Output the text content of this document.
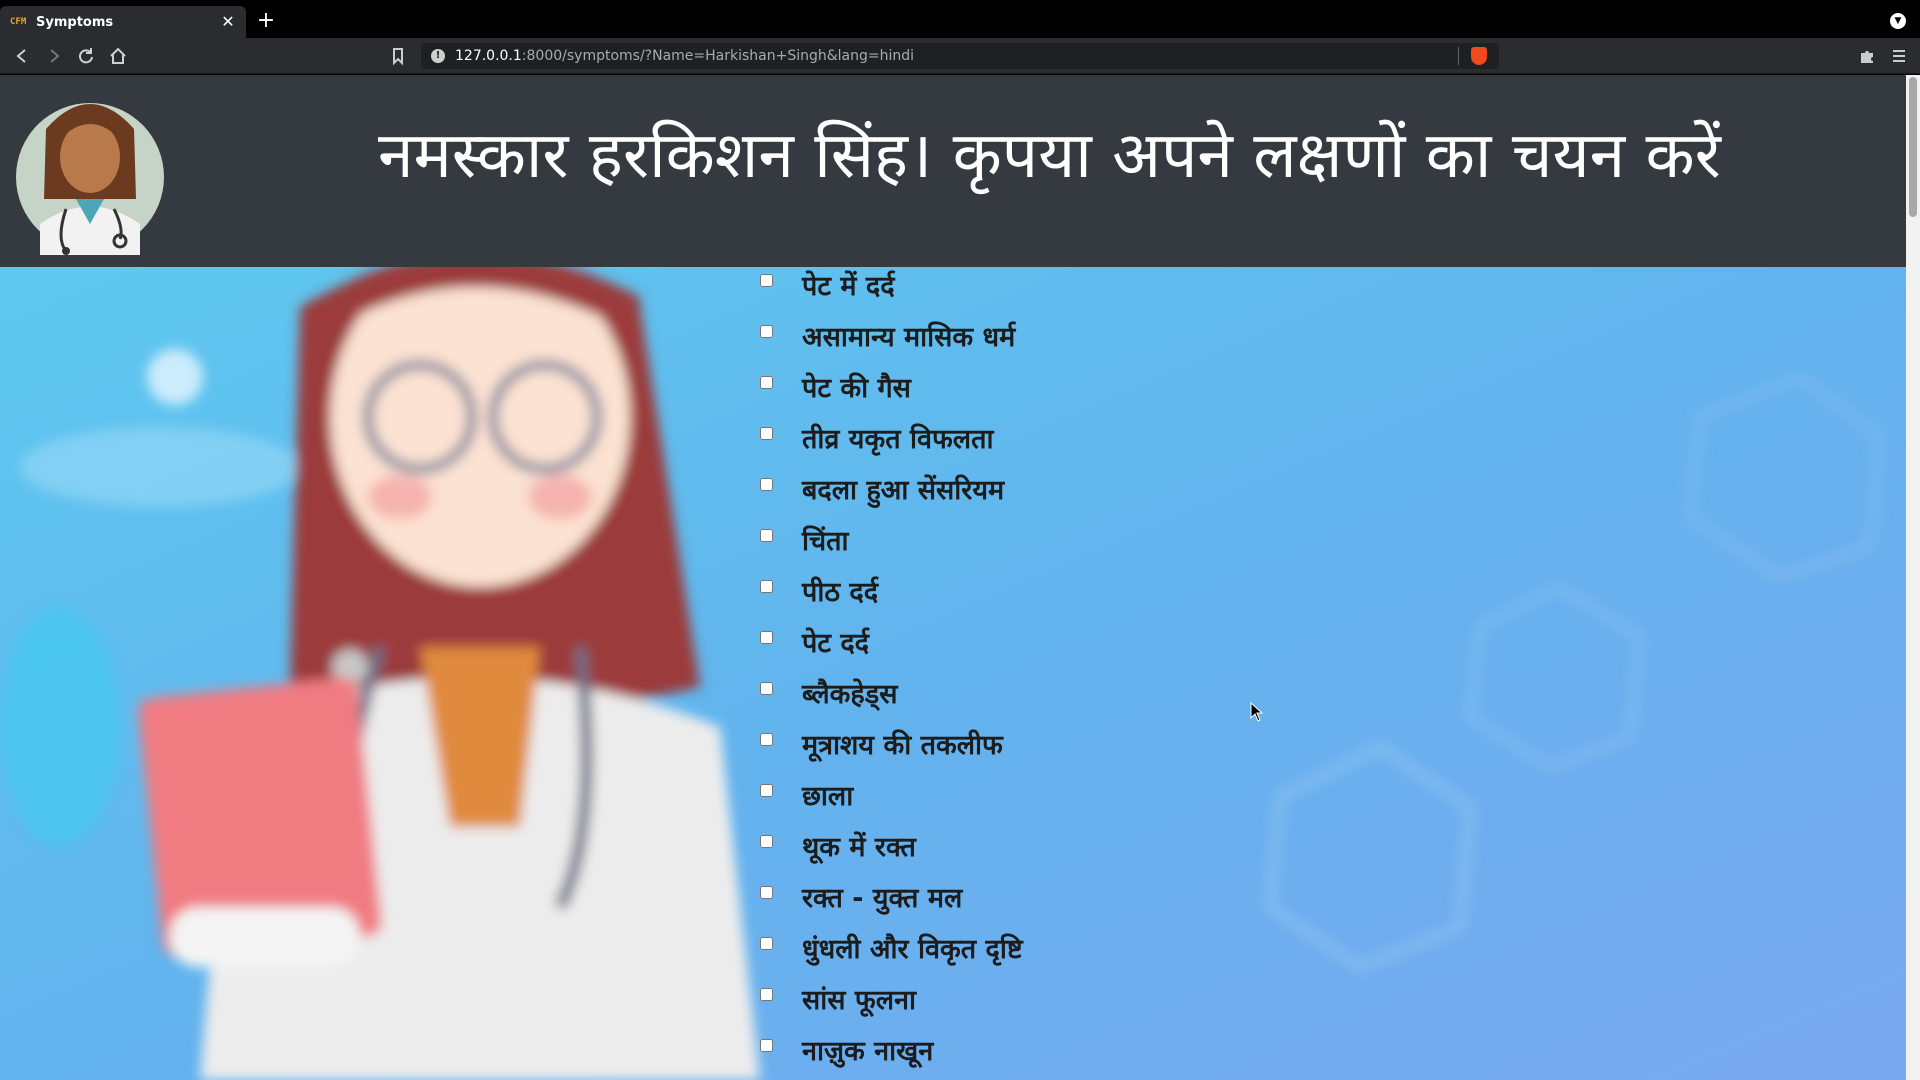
CFM Symptoms	✕ +	▼
!	127.0.0.1:8000/symptoms/?Name=Harkishan+Singh&lang=hindi
नमस्कार हरकिशन सिंह। कृपया अपने लक्षणों का चयन करें
पेट में दर्द
असामान्य मासिक धर्म
पेट की गैस
तीव्र यकृत विफलता
बदला हुआ सेंसरियम
चिंता
पीठ दर्द
पेट दर्द
ब्लैकहेड्स
मूत्राशय की तकलीफ
छाला
थूक में रक्त
रक्त - युक्त मल
धुंधली और विकृत दृष्टि
सांस फूलना
नाज़ुक नाखून
